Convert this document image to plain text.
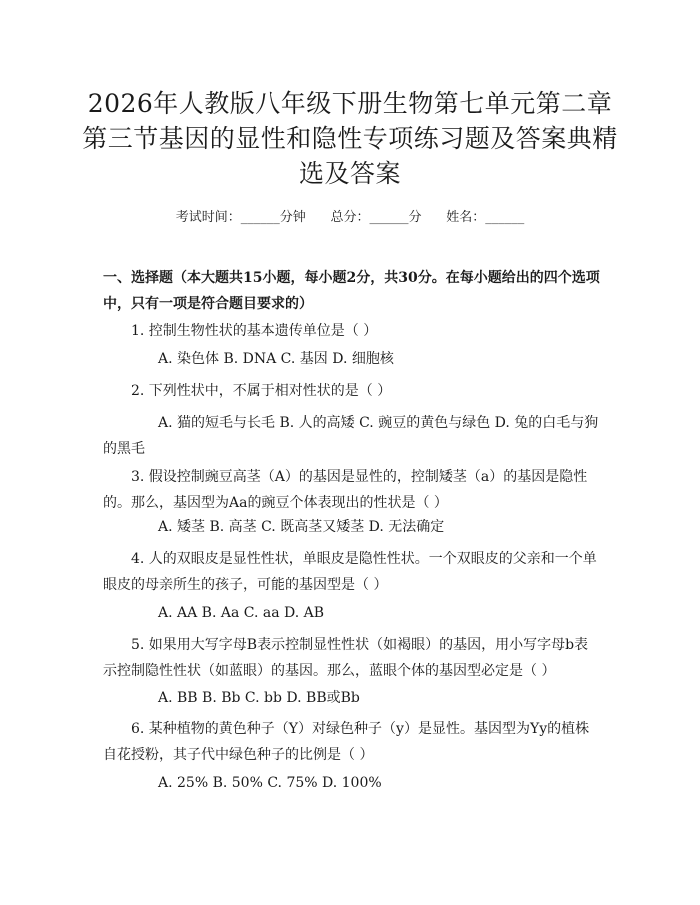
2026年人教版八年级下册生物第七单元第二章第三节基因的显性和隐性专项练习题及答案典精选及答案
考试时间：______分钟      总分：______分      姓名：______
一、选择题（本大题共15小题，每小题2分，共30分。在每小题给出的四个选项中，只有一项是符合题目要求的）
1. 控制生物性状的基本遗传单位是（ ）
A. 染色体 B. DNA C. 基因 D. 细胞核
2. 下列性状中，不属于相对性状的是（ ）
A. 猫的短毛与长毛 B. 人的高矮 C. 豌豆的黄色与绿色 D. 兔的白毛与狗的黑毛
3. 假设控制豌豆高茎（A）的基因是显性的，控制矮茎（a）的基因是隐性的。那么，基因型为Aa的豌豆个体表现出的性状是（ ）
A. 矮茎 B. 高茎 C. 既高茎又矮茎 D. 无法确定
4. 人的双眼皮是显性性状，单眼皮是隐性性状。一个双眼皮的父亲和一个单眼皮的母亲所生的孩子，可能的基因型是（ ）
A. AA B. Aa C. aa D. AB
5. 如果用大写字母B表示控制显性性状（如褐眼）的基因，用小写字母b表示控制隐性性状（如蓝眼）的基因。那么，蓝眼个体的基因型必定是（ ）
A. BB B. Bb C. bb D. BB或Bb
6. 某种植物的黄色种子（Y）对绿色种子（y）是显性。基因型为Yy的植株自花授粉，其子代中绿色种子的比例是（ ）
A. 25% B. 50% C. 75% D. 100%
